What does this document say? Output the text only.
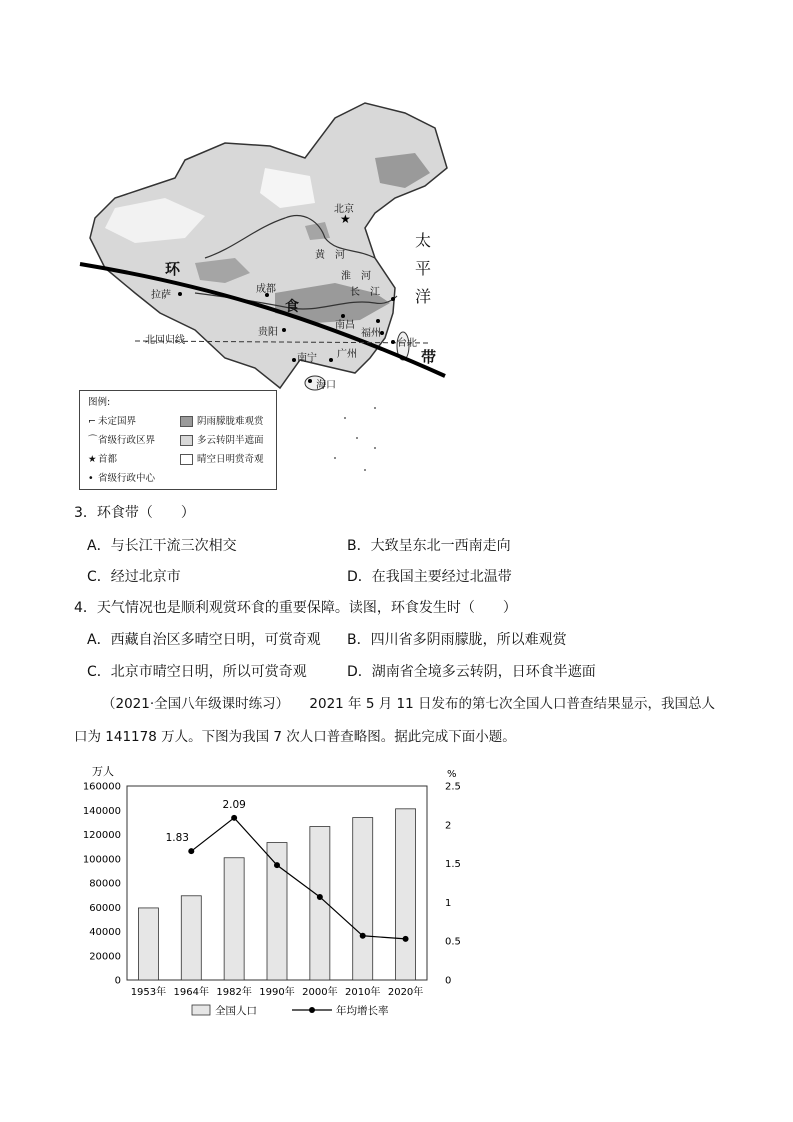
★
北京
太
平
洋
环
食
带
拉萨
成都
贵阳
南昌
福州
台北
南宁 广州
海口
北回归线
黄　河
淮　河
长　江
图例:
⌐ 未定国界
⌒省级行政区界
★首都
• 省级行政中心
阴雨朦胧难观赏
多云转阴半遮面
晴空日明赏奇观
3．环食带（　　）
A．与长江干流三次相交	B．大致呈东北一西南走向
C．经过北京市	D．在我国主要经过北温带
4．天气情况也是顺利观赏环食的重要保障。读图，环食发生时（　　）
A．西藏自治区多晴空日明，可赏奇观 B．四川省多阴雨朦胧，所以难观赏
C．北京市晴空日明，所以可赏奇观	D．湖南省全境多云转阴，日环食半遮面
（2021·全国八年级课时练习）　　2021 年 5 月 11 日发布的第七次全国人口普查结果显示，我国总人
口为 141178 万人。下图为我国 7 次人口普查略图。据此完成下面小题。
160000
140000
120000
100000
80000
60000
40000
20000
0
2.5
2
1.5
1
0.5
0
万人	%
1953年 1964年 1982年 1990年 2000年 2010年 2020年
1.83
2.09
全国人口	年均增长率
